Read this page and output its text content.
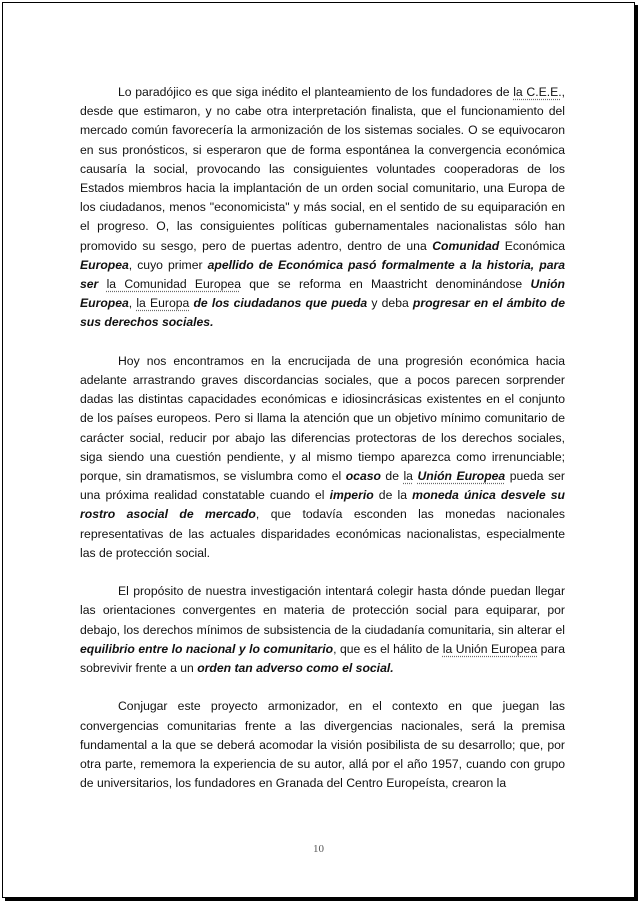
Lo paradójico es que siga inédito el planteamiento de los fundadores de la C.E.E., desde que estimaron, y no cabe otra interpretación finalista, que el funcionamiento del mercado común favorecería la armonización de los sistemas sociales. O se equivocaron en sus pronósticos, si esperaron que de forma espontánea la convergencia económica causaría la social, provocando las consiguientes voluntades cooperadoras de los Estados miembros hacia la implantación de un orden social comunitario, una Europa de los ciudadanos, menos "economicista" y más social, en el sentido de su equiparación en el progreso. O, las consiguientes políticas gubernamentales nacionalistas sólo han promovido su sesgo, pero de puertas adentro, dentro de una Comunidad Económica Europea, cuyo primer apellido de Económica pasó formalmente a la historia, para ser la Comunidad Europea que se reforma en Maastricht denominándose Unión Europea, la Europa de los ciudadanos que pueda y deba progresar en el ámbito de sus derechos sociales.

Hoy nos encontramos en la encrucijada de una progresión económica hacia adelante arrastrando graves discordancias sociales, que a pocos parecen sorprender dadas las distintas capacidades económicas e idiosincrásicas existentes en el conjunto de los países europeos. Pero si llama la atención que un objetivo mínimo comunitario de carácter social, reducir por abajo las diferencias protectoras de los derechos sociales, siga siendo una cuestión pendiente, y al mismo tiempo aparezca como irrenunciable; porque, sin dramatismos, se vislumbra como el ocaso de la Unión Europea pueda ser una próxima realidad constatable cuando el imperio de la moneda única desvele su rostro asocial de mercado, que todavía esconden las monedas nacionales representativas de las actuales disparidades económicas nacionalistas, especialmente las de protección social.

El propósito de nuestra investigación intentará colegir hasta dónde puedan llegar las orientaciones convergentes en materia de protección social para equiparar, por debajo, los derechos mínimos de subsistencia de la ciudadanía comunitaria, sin alterar el equilibrio entre lo nacional y lo comunitario, que es el hálito de la Unión Europea para sobrevivir frente a un orden tan adverso como el social.

Conjugar este proyecto armonizador, en el contexto en que juegan las convergencias comunitarias frente a las divergencias nacionales, será la premisa fundamental a la que se deberá acomodar la visión posibilista de su desarrollo; que, por otra parte, rememora la experiencia de su autor, allá por el año 1957, cuando con grupo de universitarios, los fundadores en Granada del Centro Europeísta, crearon la

10
